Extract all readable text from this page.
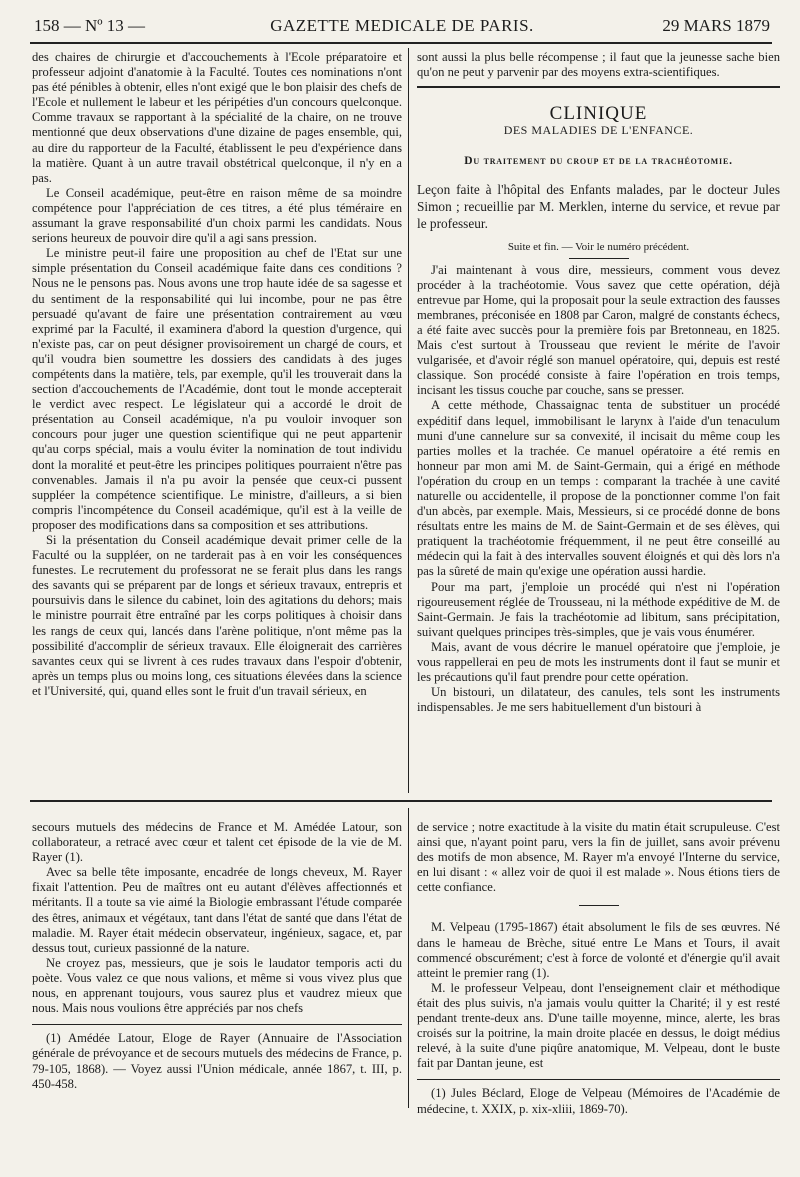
158 — Nº 13 —	GAZETTE MEDICALE DE PARIS.	29 MARS 1879

des chaires de chirurgie et d'accouchements à l'Ecole préparatoire et professeur adjoint d'anatomie à la Faculté. Toutes ces nominations n'ont pas été pénibles à obtenir, elles n'ont exigé que le bon plaisir des chefs de l'Ecole et nullement le labeur et les péripéties d'un concours quelconque. Comme travaux se rapportant à la spécialité de la chaire, on ne trouve mentionné que deux observations d'une dizaine de pages ensemble, qui, au dire du rapporteur de la Faculté, établissent le peu d'expérience dans la matière. Quant à un autre travail obstétrical quelconque, il n'y en a pas.

Le Conseil académique, peut-être en raison même de sa moindre compétence pour l'appréciation de ces titres, a été plus téméraire en assumant la grave responsabilité d'un choix parmi les candidats. Nous serions heureux de pouvoir dire qu'il a agi sans pression.

Le ministre peut-il faire une proposition au chef de l'Etat sur une simple présentation du Conseil académique faite dans ces conditions ? Nous ne le pensons pas. Nous avons une trop haute idée de sa sagesse et du sentiment de la responsabilité qui lui incombe, pour ne pas être persuadé qu'avant de faire une présentation contrairement au vœu exprimé par la Faculté, il examinera d'abord la question d'urgence, qui n'existe pas, car on peut désigner provisoirement un chargé de cours, et qu'il voudra bien soumettre les dossiers des candidats à des juges compétents dans la matière, tels, par exemple, qu'il les trouverait dans la section d'accouchements de l'Académie, dont tout le monde accepterait le verdict avec respect. Le législateur qui a accordé le droit de présentation au Conseil académique, n'a pu vouloir invoquer son concours pour juger une question scientifique qui ne peut appartenir qu'au corps spécial, mais a voulu éviter la nomination de tout individu dont la moralité et peut-être les principes politiques pourraient n'être pas convenables. Jamais il n'a pu avoir la pensée que ceux-ci pussent suppléer la compétence scientifique. Le ministre, d'ailleurs, a si bien compris l'incompétence du Conseil académique, qu'il est à la veille de proposer des modifications dans sa composition et ses attributions.

Si la présentation du Conseil académique devait primer celle de la Faculté ou la suppléer, on ne tarderait pas à en voir les conséquences funestes. Le recrutement du professorat ne se ferait plus dans les rangs des savants qui se préparent par de longs et sérieux travaux, entrepris et poursuivis dans le silence du cabinet, loin des agitations du dehors; mais le ministre pourrait être entraîné par les corps politiques à choisir dans les rangs de ceux qui, lancés dans l'arène politique, n'ont même pas la possibilité d'accomplir de sérieux travaux. Elle éloignerait des carrières savantes ceux qui se livrent à ces rudes travaux dans l'espoir d'obtenir, après un temps plus ou moins long, ces situations élevées dans la science et l'Université, qui, quand elles sont le fruit d'un travail sérieux, en

sont aussi la plus belle récompense ; il faut que la jeunesse sache bien qu'on ne peut y parvenir par des moyens extra-scientifiques.

CLINIQUE
DES MALADIES DE L'ENFANCE.
Du traitement du croup et de la trachéotomie.
Leçon faite à l'hôpital des Enfants malades, par le docteur Jules Simon ; recueillie par M. Merklen, interne du service, et revue par le professeur.
Suite et fin. — Voir le numéro précédent.

J'ai maintenant à vous dire, messieurs, comment vous devez procéder à la trachéotomie. Vous savez que cette opération, déjà entrevue par Home, qui la proposait pour la seule extraction des fausses membranes, préconisée en 1808 par Caron, malgré de constants échecs, a été faite avec succès pour la première fois par Bretonneau, en 1825. Mais c'est surtout à Trousseau que revient le mérite de l'avoir vulgarisée, et d'avoir réglé son manuel opératoire, qui, depuis est resté classique. Son procédé consiste à faire l'opération en trois temps, incisant les tissus couche par couche, sans se presser.

A cette méthode, Chassaignac tenta de substituer un procédé expéditif dans lequel, immobilisant le larynx à l'aide d'un tenaculum muni d'une cannelure sur sa convexité, il incisait du même coup les parties molles et la trachée. Ce manuel opératoire a été remis en honneur par mon ami M. de Saint-Germain, qui a érigé en méthode l'opération du croup en un temps : comparant la trachée à une cavité naturelle ou accidentelle, il propose de la ponctionner comme l'on fait d'un abcès, par exemple. Mais, Messieurs, si ce procédé donne de bons résultats entre les mains de M. de Saint-Germain et de ses élèves, qui pratiquent la trachéotomie fréquemment, il ne peut être conseillé au médecin qui la fait à des intervalles souvent éloignés et qui dès lors n'a pas la sûreté de main qu'exige une opération aussi hardie.

Pour ma part, j'emploie un procédé qui n'est ni l'opération rigoureusement réglée de Trousseau, ni la méthode expéditive de M. de Saint-Germain. Je fais la trachéotomie ad libitum, sans précipitation, suivant quelques principes très-simples, que je vais vous énumérer.

Mais, avant de vous décrire le manuel opératoire que j'emploie, je vous rappellerai en peu de mots les instruments dont il faut se munir et les précautions qu'il faut prendre pour cette opération.

Un bistouri, un dilatateur, des canules, tels sont les instruments indispensables. Je me sers habituellement d'un bistouri à

secours mutuels des médecins de France et M. Amédée Latour, son collaborateur, a retracé avec cœur et talent cet épisode de la vie de M. Rayer (1).

Avec sa belle tête imposante, encadrée de longs cheveux, M. Rayer fixait l'attention. Peu de maîtres ont eu autant d'élèves affectionnés et méritants. Il a toute sa vie aimé la Biologie embrassant l'étude comparée des êtres, animaux et végétaux, tant dans l'état de santé que dans l'état de maladie. M. Rayer était médecin observateur, ingénieux, sagace, et, par dessus tout, curieux passionné de la nature.

Ne croyez pas, messieurs, que je sois le laudator temporis acti du poète. Vous valez ce que nous valions, et même si vous vivez plus que nous, en apprenant toujours, vous saurez plus et vaudrez mieux que nous. Mais nous voulions être appréciés par nos chefs

(1) Amédée Latour, Eloge de Rayer (Annuaire de l'Association générale de prévoyance et de secours mutuels des médecins de France, p. 79-105, 1868). — Voyez aussi l'Union médicale, année 1867, t. III, p. 450-458.

de service ; notre exactitude à la visite du matin était scrupuleuse. C'est ainsi que, n'ayant point paru, vers la fin de juillet, sans avoir prévenu des motifs de mon absence, M. Rayer m'a envoyé l'Interne du service, en lui disant : « allez voir de quoi il est malade ». Nous étions tiers de cette confiance.

M. Velpeau (1795-1867) était absolument le fils de ses œuvres. Né dans le hameau de Brèche, situé entre Le Mans et Tours, il avait commencé obscurément; c'est à force de volonté et d'énergie qu'il avait atteint le premier rang (1).

M. le professeur Velpeau, dont l'enseignement clair et méthodique était des plus suivis, n'a jamais voulu quitter la Charité; il y est resté pendant trente-deux ans. D'une taille moyenne, mince, alerte, les bras croisés sur la poitrine, la main droite placée en dessus, le doigt médius relevé, à la suite d'une piqûre anatomique, M. Velpeau, dont le buste fait par Dantan jeune, est

(1) Jules Béclard, Eloge de Velpeau (Mémoires de l'Académie de médecine, t. XXIX, p. xix-xliii, 1869-70).
